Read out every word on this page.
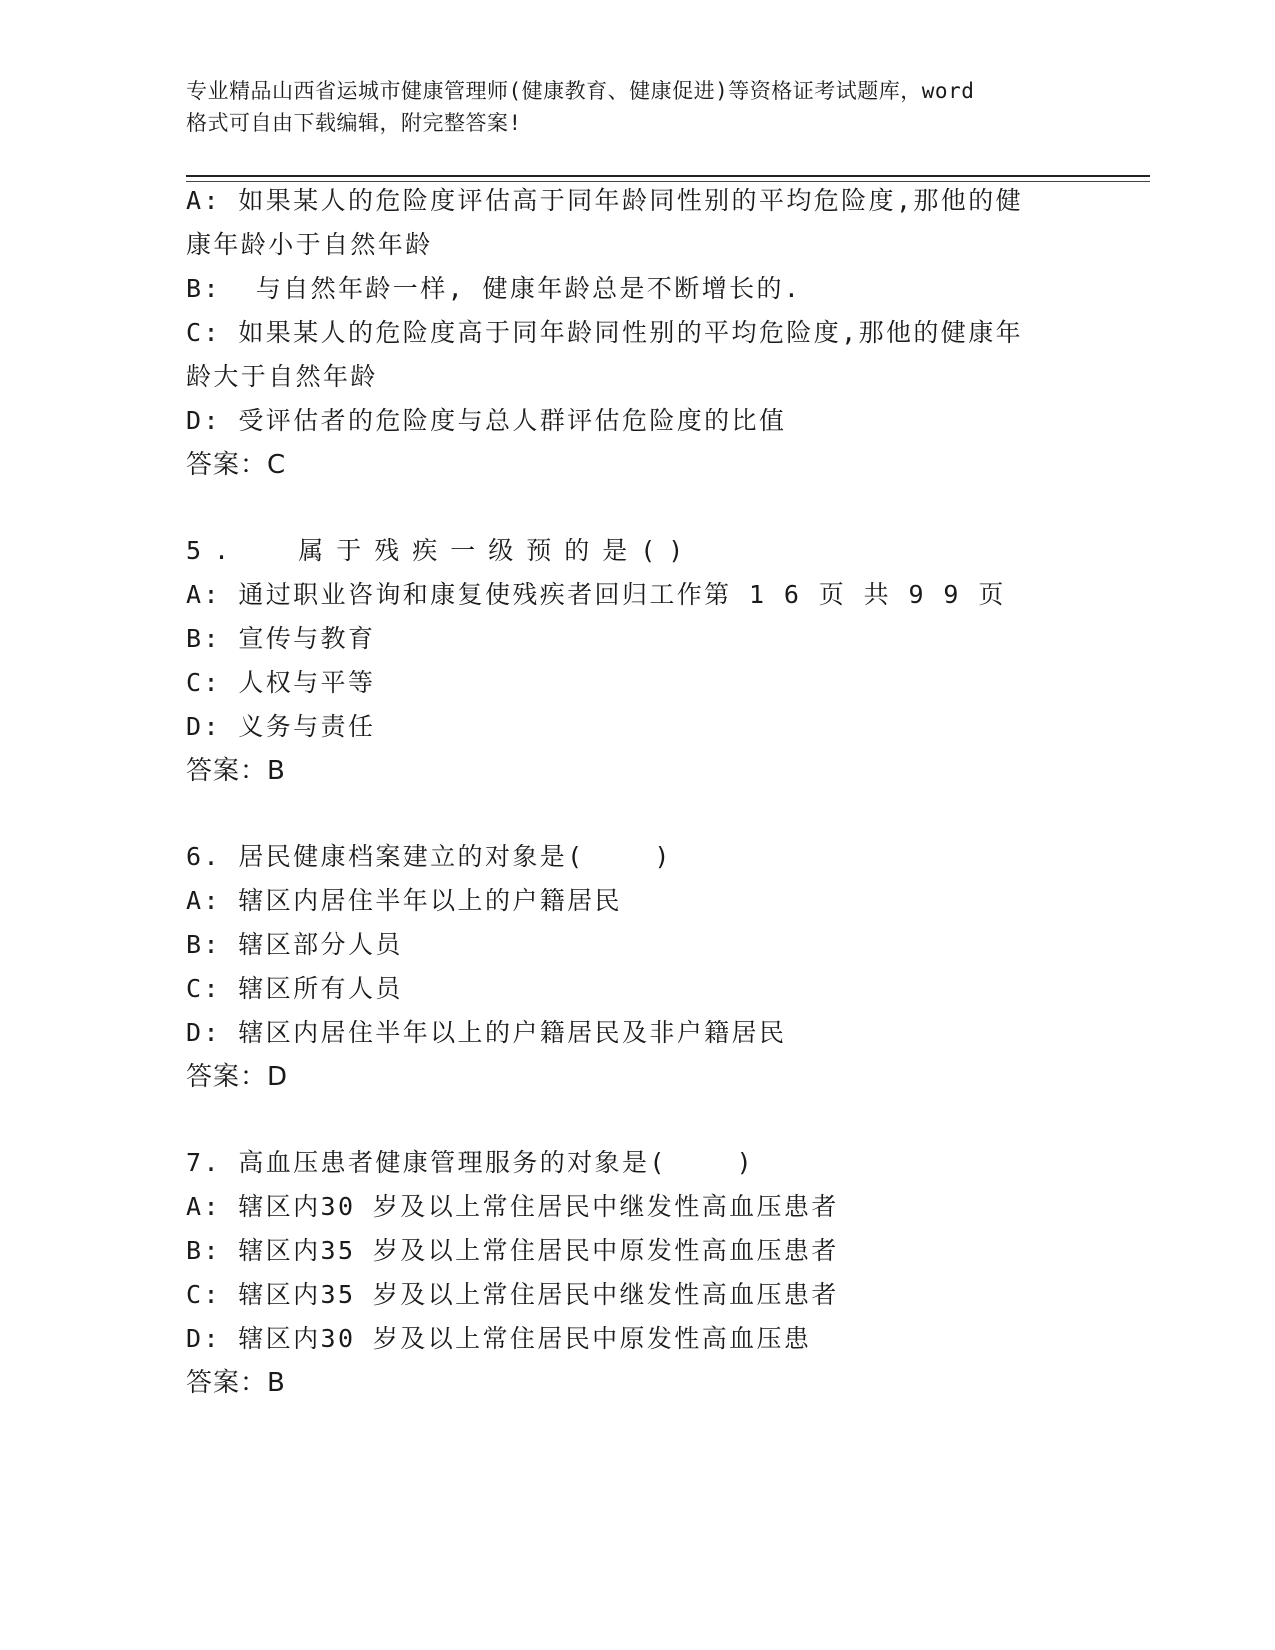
专业精品山西省运城市健康管理师(健康教育、健康促进)等资格证考试题库，word
格式可自由下载编辑，附完整答案!
A: 如果某人的危险度评估高于同年龄同性别的平均危险度,那他的健
康年龄小于自然年龄
B:  与自然年龄一样, 健康年龄总是不断增长的.
C: 如果某人的危险度高于同年龄同性别的平均危险度,那他的健康年
龄大于自然年龄
D: 受评估者的危险度与总人群评估危险度的比值
答案：C
5.  属于残疾一级预的是()
A: 通过职业咨询和康复使残疾者回归工作第 1 6 页 共 9 9 页
B: 宣传与教育
C: 人权与平等
D: 义务与责任
答案：B
6. 居民健康档案建立的对象是(    )
A: 辖区内居住半年以上的户籍居民
B: 辖区部分人员
C: 辖区所有人员
D: 辖区内居住半年以上的户籍居民及非户籍居民
答案：D
7. 高血压患者健康管理服务的对象是(    )
A: 辖区内30 岁及以上常住居民中继发性高血压患者
B: 辖区内35 岁及以上常住居民中原发性高血压患者
C: 辖区内35 岁及以上常住居民中继发性高血压患者
D: 辖区内30 岁及以上常住居民中原发性高血压患
答案：B
